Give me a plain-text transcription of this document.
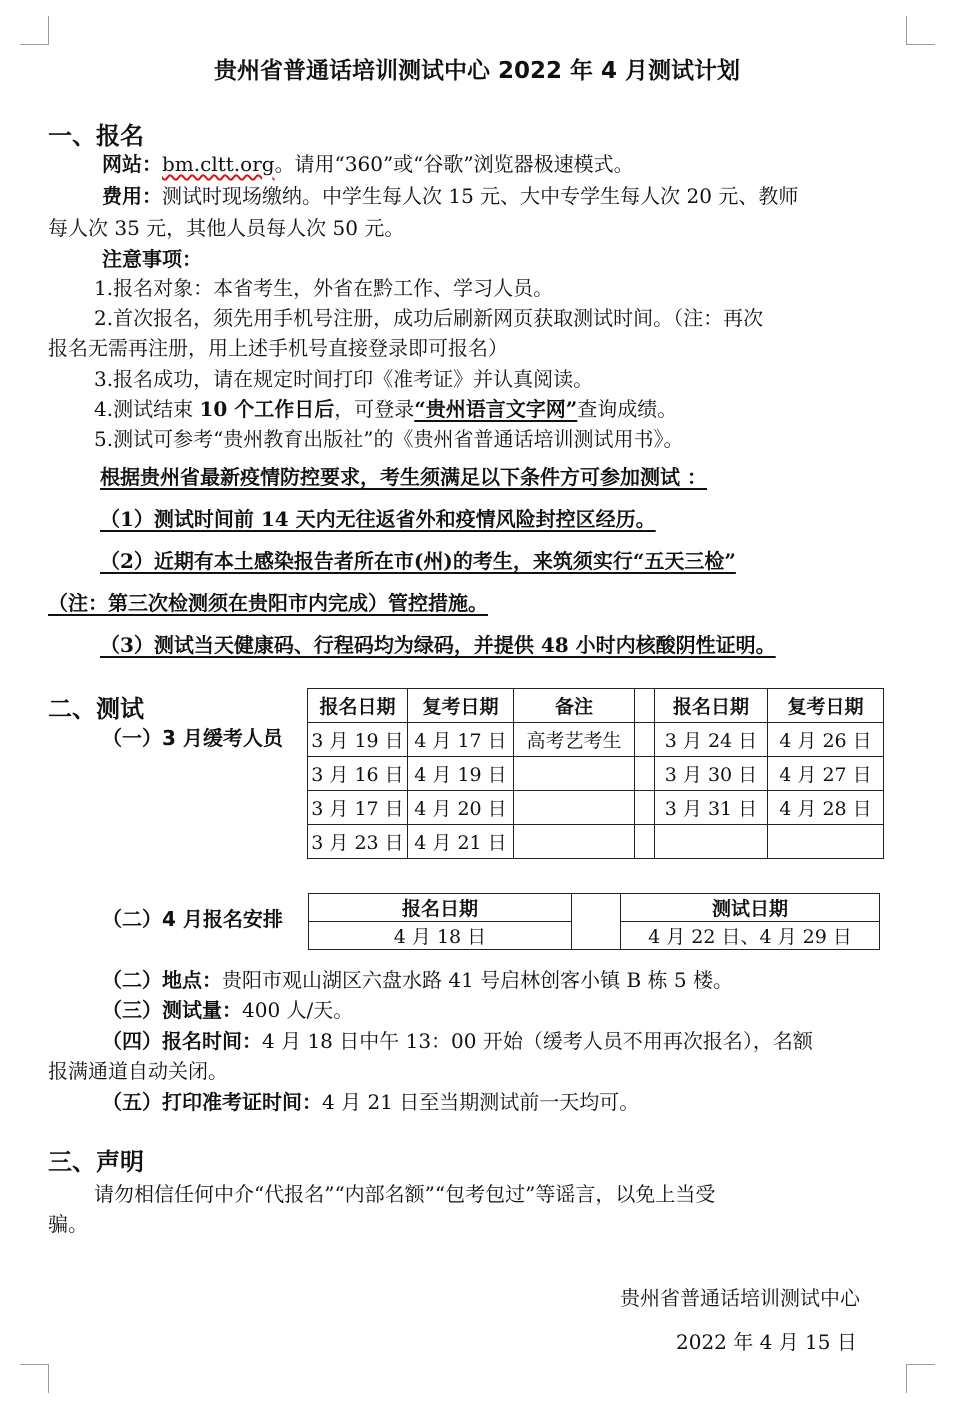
贵州省普通话培训测试中心 2022 年 4 月测试计划
一、报名
网站：bm.cltt.org。请用“360”或“谷歌”浏览器极速模式。
费用：测试时现场缴纳。中学生每人次 15 元、大中专学生每人次 20 元、教师
每人次 35 元，其他人员每人次 50 元。
注意事项：
1.报名对象：本省考生，外省在黔工作、学习人员。
2.首次报名，须先用手机号注册，成功后刷新网页获取测试时间。（注：再次
报名无需再注册，用上述手机号直接登录即可报名）
3.报名成功，请在规定时间打印《准考证》并认真阅读。
4.测试结束 10 个工作日后，可登录“贵州语言文字网”查询成绩。
5.测试可参考“贵州教育出版社”的《贵州省普通话培训测试用书》。
根据贵州省最新疫情防控要求，考生须满足以下条件方可参加测试 ：
（1）测试时间前 14 天内无往返省外和疫情风险封控区经历。
（2）近期有本土感染报告者所在市(州)的考生，来筑须实行“五天三检”
（注：第三次检测须在贵阳市内完成）管控措施。
（3）测试当天健康码、行程码均为绿码，并提供 48 小时内核酸阴性证明。
二、测试
（一）3 月缓考人员
报名日期	复考日期	备注		报名日期	复考日期
3 月 19 日	4 月 17 日	高考艺考生		3 月 24 日	4 月 26 日
3 月 16 日	4 月 19 日			3 月 30 日	4 月 27 日
3 月 17 日	4 月 20 日			3 月 31 日	4 月 28 日
3 月 23 日	4 月 21 日				
（二）4 月报名安排	报名日期		测试日期
4 月 18 日		4 月 22 日、4 月 29 日
（二）地点：贵阳市观山湖区六盘水路 41 号启林创客小镇 B 栋 5 楼。
（三）测试量：400 人/天。
（四）报名时间：4 月 18 日中午 13：00 开始（缓考人员不用再次报名），名额
报满通道自动关闭。
（五）打印准考证时间：4 月 21 日至当期测试前一天均可。
三、声明
请勿相信任何中介“代报名”“内部名额”“包考包过”等谣言，以免上当受
骗。
贵州省普通话培训测试中心
2022 年 4 月 15 日
